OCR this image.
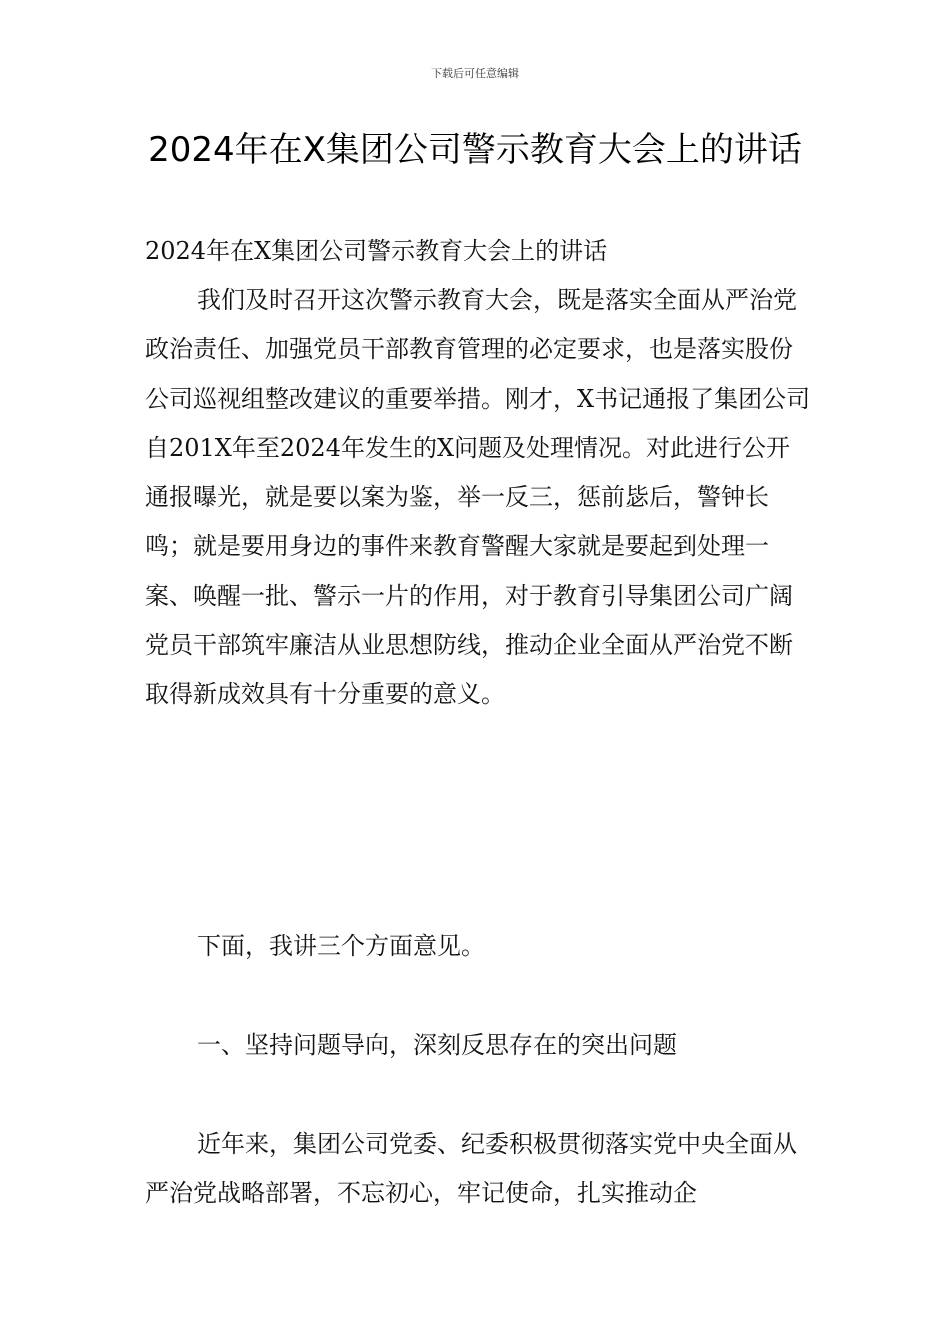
下载后可任意编辑
2024年在X集团公司警示教育大会上的讲话

2024年在X集团公司警示教育大会上的讲话

我们及时召开这次警示教育大会，既是落实全面从严治党政治责任、加强党员干部教育管理的必定要求，也是落实股份公司巡视组整改建议的重要举措。刚才，X书记通报了集团公司自201X年至2024年发生的X问题及处理情况。对此进行公开通报曝光，就是要以案为鉴，举一反三，惩前毖后，警钟长鸣；就是要用身边的事件来教育警醒大家就是要起到处理一案、唤醒一批、警示一片的作用，对于教育引导集团公司广阔党员干部筑牢廉洁从业思想防线，推动企业全面从严治党不断取得新成效具有十分重要的意义。

下面，我讲三个方面意见。

一、坚持问题导向，深刻反思存在的突出问题

近年来，集团公司党委、纪委积极贯彻落实党中央全面从严治党战略部署，不忘初心，牢记使命，扎实推动企
